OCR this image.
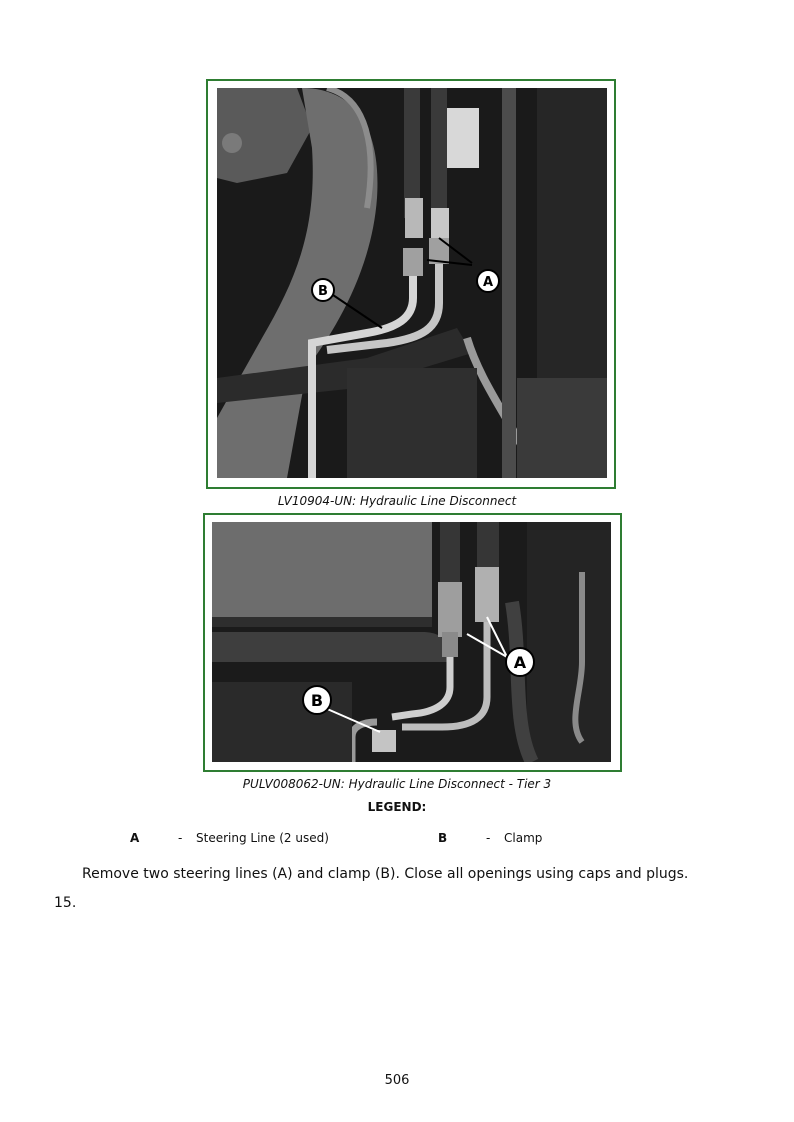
A
B
LV10904-UN: Hydraulic Line Disconnect
A
B
PULV008062-UN: Hydraulic Line Disconnect - Tier 3
LEGEND:
A	- Steering Line (2 used)	B	- Clamp
Remove two steering lines (A) and clamp (B). Close all openings using caps and plugs.
15.
506
